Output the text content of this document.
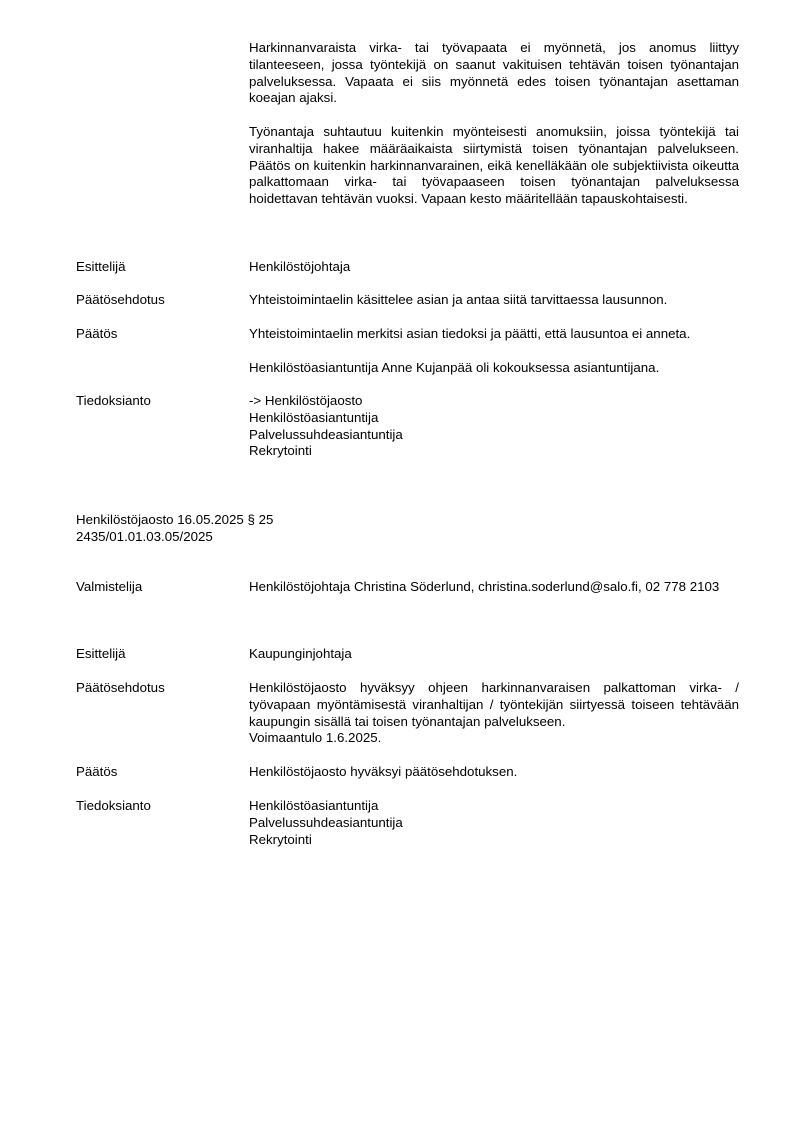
Harkinnanvaraista virka- tai työvapaata ei myönnetä, jos anomus liittyy tilanteeseen, jossa työntekijä on saanut vakituisen tehtävän toisen työnantajan palveluksessa. Vapaata ei siis myönnetä edes toisen työnantajan asettaman koeajan ajaksi.
Työnantaja suhtautuu kuitenkin myönteisesti anomuksiin, joissa työntekijä tai viranhaltija hakee määräaikaista siirtymistä toisen työnantajan palvelukseen. Päätös on kuitenkin harkinnanvarainen, eikä kenelläkään ole subjektiivista oikeutta palkattomaan virka- tai työvapaaseen toisen työnantajan palveluksessa hoidettavan tehtävän vuoksi. Vapaan kesto määritellään tapauskohtaisesti.
Esittelijä	Henkilöstöjohtaja
Päätösehdotus	Yhteistoimintaelin käsittelee asian ja antaa siitä tarvittaessa lausunnon.
Päätös	Yhteistoimintaelin merkitsi asian tiedoksi ja päätti, että lausuntoa ei anneta.
Henkilöstöasiantuntija Anne Kujanpää oli kokouksessa asiantuntijana.
Tiedoksianto	-> Henkilöstöjaosto
Henkilöstöasiantuntija
Palvelussuhdeasiantuntija
Rekrytointi
Henkilöstöjaosto 16.05.2025 § 25
2435/01.01.03.05/2025
Valmistelija	Henkilöstöjohtaja Christina Söderlund, christina.soderlund@salo.fi, 02 778 2103
Esittelijä	Kaupunginjohtaja
Päätösehdotus	Henkilöstöjaosto hyväksyy ohjeen harkinnanvaraisen palkattoman virka- / työvapaan myöntämisestä viranhaltijan / työntekijän siirtyessä toiseen tehtävään kaupungin sisällä tai toisen työnantajan palvelukseen.
Voimaantulo 1.6.2025.
Päätös	Henkilöstöjaosto hyväksyi päätösehdotuksen.
Tiedoksianto	Henkilöstöasiantuntija
Palvelussuhdeasiantuntija
Rekrytointi
